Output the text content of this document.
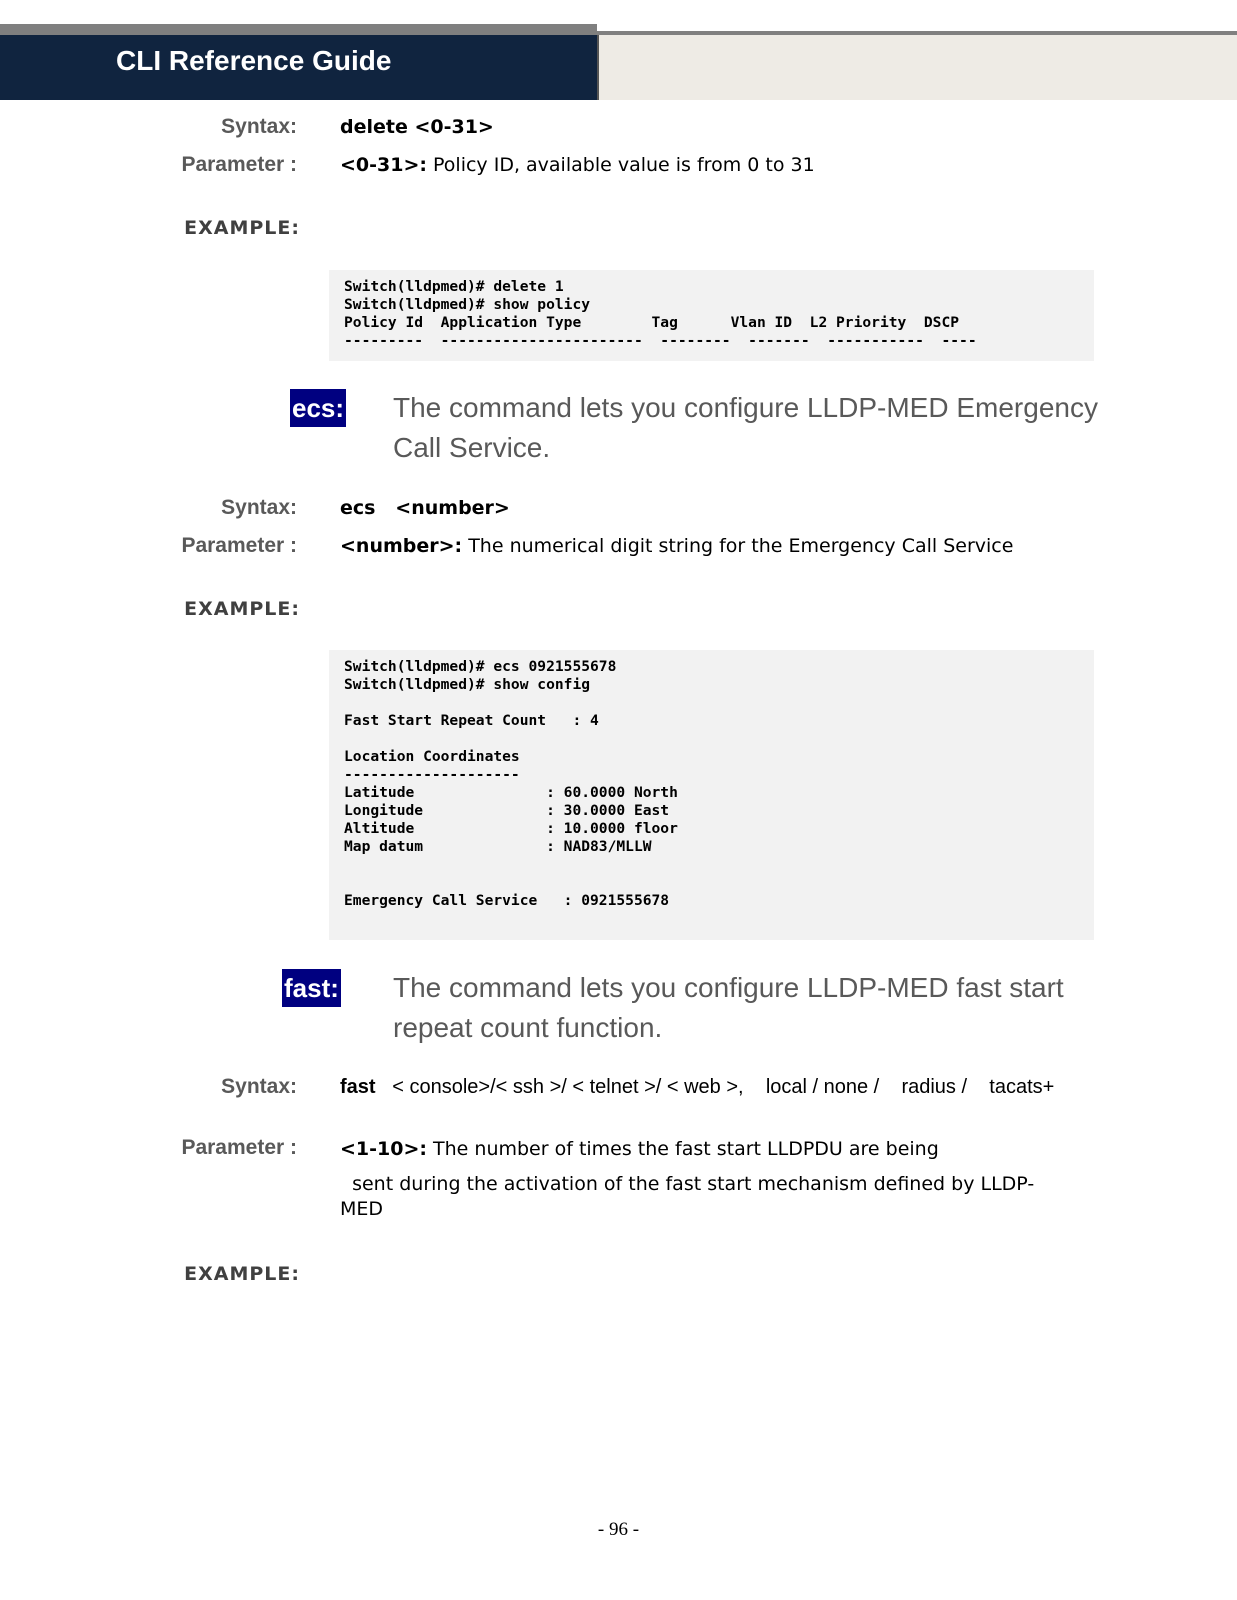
CLI Reference Guide
Syntax: delete <0-31>
Parameter : <0-31>: Policy ID, available value is from 0 to 31
EXAMPLE:
Switch(lldpmed)# delete 1
Switch(lldpmed)# show policy
Policy Id  Application Type        Tag      Vlan ID  L2 Priority  DSCP
---------  -----------------------  --------  -------  -----------  ----
ecs: The command lets you configure LLDP-MED Emergency Call Service.
Syntax: ecs   <number>
Parameter : <number>: The numerical digit string for the Emergency Call Service
EXAMPLE:
Switch(lldpmed)# ecs 0921555678
Switch(lldpmed)# show config

Fast Start Repeat Count   : 4

Location Coordinates
--------------------
Latitude               : 60.0000 North
Longitude              : 30.0000 East
Altitude               : 10.0000 floor
Map datum              : NAD83/MLLW

Emergency Call Service   : 0921555678

fast: The command lets you configure LLDP-MED fast start repeat count function.
Syntax: fast   < console>/< ssh >/ < telnet >/ < web >,    local / none /    radius /    tacats+
Parameter : <1-10>: The number of times the fast start LLDPDU are being
sent during the activation of the fast start mechanism defined by LLDP-MED
EXAMPLE:
- 96 -
